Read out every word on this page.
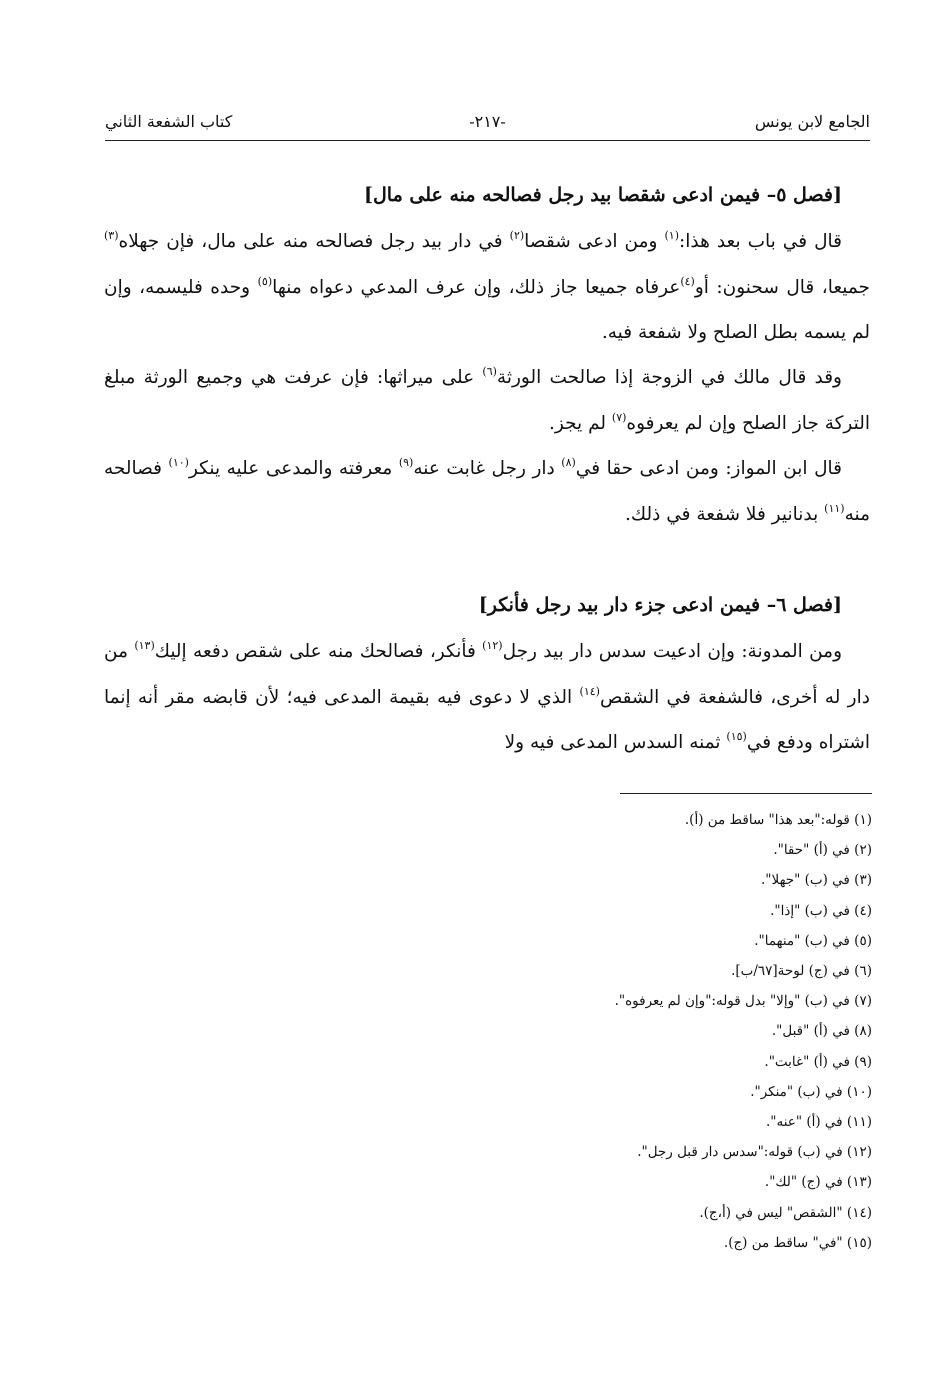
الجامع لابن يونس
-٢١٧-
كتاب الشفعة الثاني
[فصل ٥– فيمن ادعى شقصا بيد رجل فصالحه منه على مال]

قال في باب بعد هذا:$^{(١)}$ ومن ادعى شقصا$^{(٢)}$ في دار بيد رجل فصالحه منه على مال، فإن جهلاه$^{(٣)}$ جميعا، قال سحنون: أو$^{(٤)}$عرفاه جميعا جاز ذلك، وإن عرف المدعي دعواه منها$^{(٥)}$ وحده فليسمه، وإن لم يسمه بطل الصلح ولا شفعة فيه.

وقد قال مالك في الزوجة إذا صالحت الورثة$^{(٦)}$ على ميراثها: فإن عرفت هي وجميع الورثة مبلغ التركة جاز الصلح وإن لم يعرفوه$^{(٧)}$ لم يجز.

قال ابن المواز: ومن ادعى حقا في$^{(٨)}$ دار رجل غابت عنه$^{(٩)}$ معرفته والمدعى عليه ينكر$^{(١٠)}$ فصالحه منه$^{(١١)}$ بدنانير فلا شفعة في ذلك.

[فصل ٦– فيمن ادعى جزء دار بيد رجل فأنكر]

ومن المدونة: وإن ادعيت سدس دار بيد رجل$^{(١٢)}$ فأنكر، فصالحك منه على شقص دفعه إليك$^{(١٣)}$ من دار له أخرى، فالشفعة في الشقص$^{(١٤)}$ الذي لا دعوى فيه بقيمة المدعى فيه؛ لأن قابضه مقر أنه إنما اشتراه ودفع في$^{(١٥)}$ ثمنه السدس المدعى فيه ولا

(١) قوله:"بعد هذا" ساقط من (أ).
(٢) في (أ) "حقا".
(٣) في (ب) "جهلا".
(٤) في (ب) "إذا".
(٥) في (ب) "منهما".
(٦) في (ج) لوحة[٦٧/ب].
(٧) في (ب) "وإلا" بدل قوله:"وإن لم يعرفوه".
(٨) في (أ) "قبل".
(٩) في (أ) "غابت".
(١٠) في (ب) "منكر".
(١١) في (أ) "عنه".
(١٢) في (ب) قوله:"سدس دار قبل رجل".
(١٣) في (ج) "لك".
(١٤) "الشقص" ليس في (أ،ج).
(١٥) "في" ساقط من (ج).
